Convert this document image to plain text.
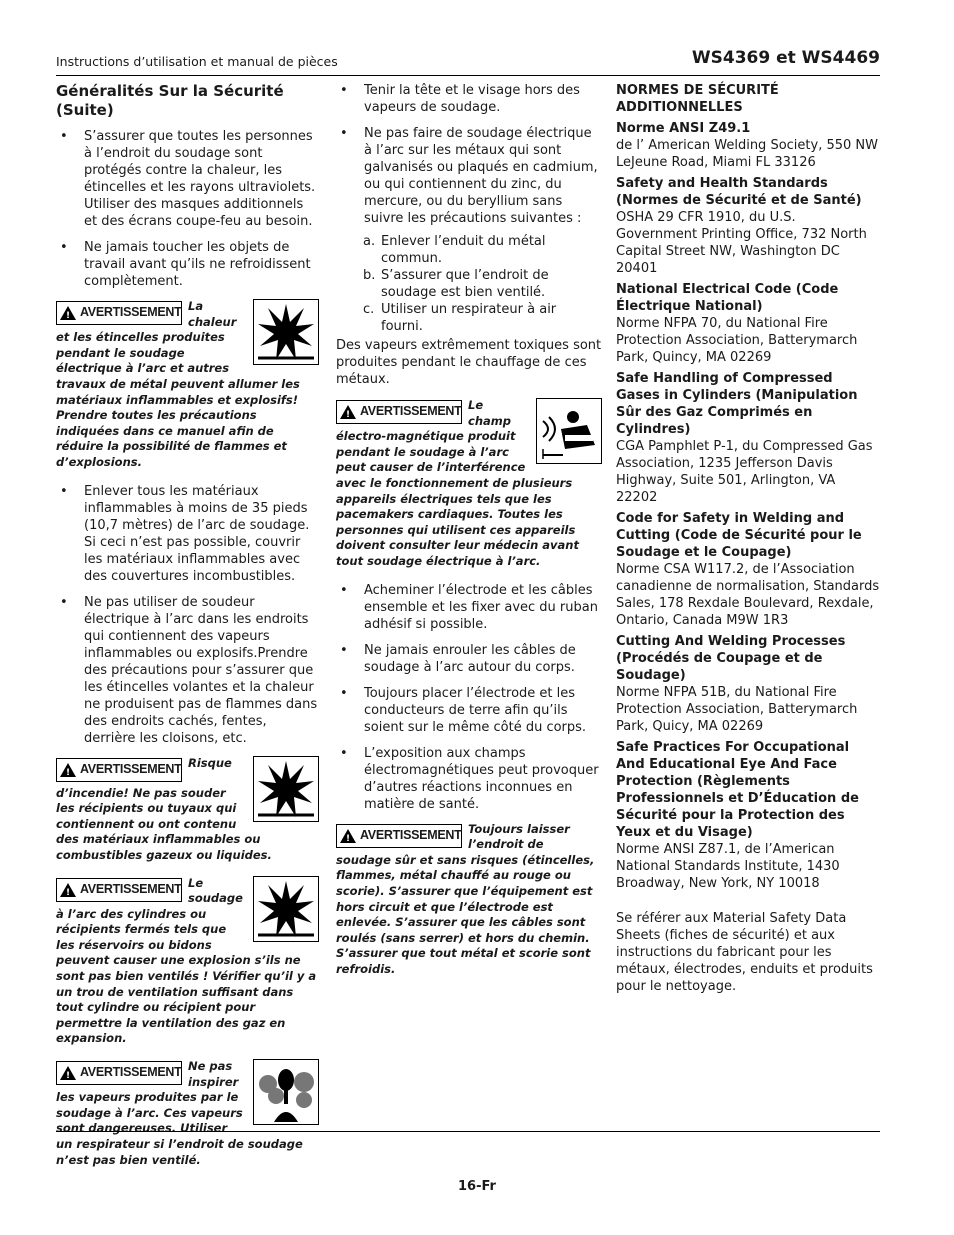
Instructions d’utilisation et manual de pièces	WS4369 et WS4469
Généralités Sur la Sécurité (Suite)
• S’assurer que toutes les personnes à l’endroit du soudage sont protégés contre la chaleur, les étincelles et les rayons ultraviolets. Utiliser des masques additionnels et des écrans coupe-feu au besoin.
• Ne jamais toucher les objets de travail avant qu’ils ne refroidissent complètement.
!
AVERTISSEMENT La chaleur et les étincelles produites pendant le soudage électrique à l’arc et autres travaux de métal peuvent allumer les matériaux inflammables et explosifs! Prendre toutes les précautions indiquées dans ce manuel afin de réduire la possibilité de flammes et d’explosions.
• Enlever tous les matériaux inflammables à moins de 35 pieds (10,7 mètres) de l’arc de soudage. Si ceci n’est pas possible, couvrir les matériaux inflammables avec des couvertures incombustibles.
• Ne pas utiliser de soudeur électrique à l’arc dans les endroits qui contiennent des vapeurs inflammables ou explosifs.Prendre des précautions pour s’assurer que les étincelles volantes et la chaleur ne produisent pas de flammes dans des endroits cachés, fentes, derrière les cloisons, etc.
!
AVERTISSEMENT Risque d’incendie! Ne pas souder les récipients ou tuyaux qui contiennent ou ont contenu des matériaux inflammables ou combustibles gazeux ou liquides.
!
AVERTISSEMENT Le soudage à l’arc des cylindres ou récipients fermés tels que les réservoirs ou bidons peuvent causer une explosion s’ils ne sont pas bien ventilés ! Vérifier qu’il y a un trou de ventilation suffisant dans tout cylindre ou récipient pour permettre la ventilation des gaz en expansion.
!
AVERTISSEMENT Ne pas inspirer les vapeurs produites par le soudage à l’arc. Ces vapeurs sont dangereuses. Utiliser un respirateur si l’endroit de soudage n’est pas bien ventilé.
• Tenir la tête et le visage hors des vapeurs de soudage.
• Ne pas faire de soudage électrique à l’arc sur les métaux qui sont galvanisés ou plaqués en cadmium, ou qui contiennent du zinc, du mercure, ou du beryllium sans suivre les précautions suivantes :
a. Enlever l’enduit du métal commun.
b. S’assurer que l’endroit de soudage est bien ventilé.
c. Utiliser un respirateur à air fourni.

Des vapeurs extrêmement toxiques sont produites pendant le chauffage de ces métaux.

!
AVERTISSEMENT Le champ électro-magnétique produit pendant le soudage à l’arc peut causer de l’interférence avec le fonctionnement de plusieurs appareils électriques tels que les pacemakers cardiaques. Toutes les personnes qui utilisent ces appareils doivent consulter leur médecin avant tout soudage électrique à l’arc.
• Acheminer l’électrode et les câbles ensemble et les fixer avec du ruban adhésif si possible.
• Ne jamais enrouler les câbles de soudage à l’arc autour du corps.
• Toujours placer l’électrode et les conducteurs de terre afin qu’ils soient sur le même côté du corps.
• L’exposition aux champs électromagnétiques peut provoquer d’autres réactions inconnues en matière de santé.
!
AVERTISSEMENT Toujours laisser l’endroit de soudage sûr et sans risques (étincelles, flammes, métal chauffé au rouge ou scorie). S’assurer que l’équipement est hors circuit et que l’électrode est enlevée. S’assurer que les câbles sont roulés (sans serrer) et hors du chemin. S’assurer que tout métal et scorie sont refroidis.
NORMES DE SÉCURITÉ ADDITIONNELLES
Norme ANSI Z49.1
de l’ American Welding Society, 550 NW LeJeune Road, Miami FL 33126
Safety and Health Standards (Normes de Sécurité et de Santé)
OSHA 29 CFR 1910, du U.S. Government Printing Office, 732 North Capital Street NW, Washington DC 20401
National Electrical Code (Code Électrique National)
Norme NFPA 70, du National Fire Protection Association, Batterymarch Park, Quincy, MA 02269
Safe Handling of Compressed Gases in Cylinders (Manipulation Sûr des Gaz Comprimés en Cylindres)
CGA Pamphlet P-1, du Compressed Gas Association, 1235 Jefferson Davis Highway, Suite 501, Arlington, VA 22202
Code for Safety in Welding and Cutting (Code de Sécurité pour le Soudage et le Coupage)
Norme CSA W117.2, de l’Association canadienne de normalisation, Standards Sales, 178 Rexdale Boulevard, Rexdale, Ontario, Canada M9W 1R3
Cutting And Welding Processes (Procédés de Coupage et de Soudage)
Norme NFPA 51B, du National Fire Protection Association, Batterymarch Park, Quicy, MA 02269
Safe Practices For Occupational And Educational Eye And Face Protection (Règlements Professionnels et D’Éducation de Sécurité pour la Protection des Yeux et du Visage)
Norme ANSI Z87.1, de l’American National Standards Institute, 1430 Broadway, New York, NY 10018

Se référer aux Material Safety Data Sheets (fiches de sécurité) et aux instructions du fabricant pour les métaux, électrodes, enduits et produits pour le nettoyage.

16-Fr
